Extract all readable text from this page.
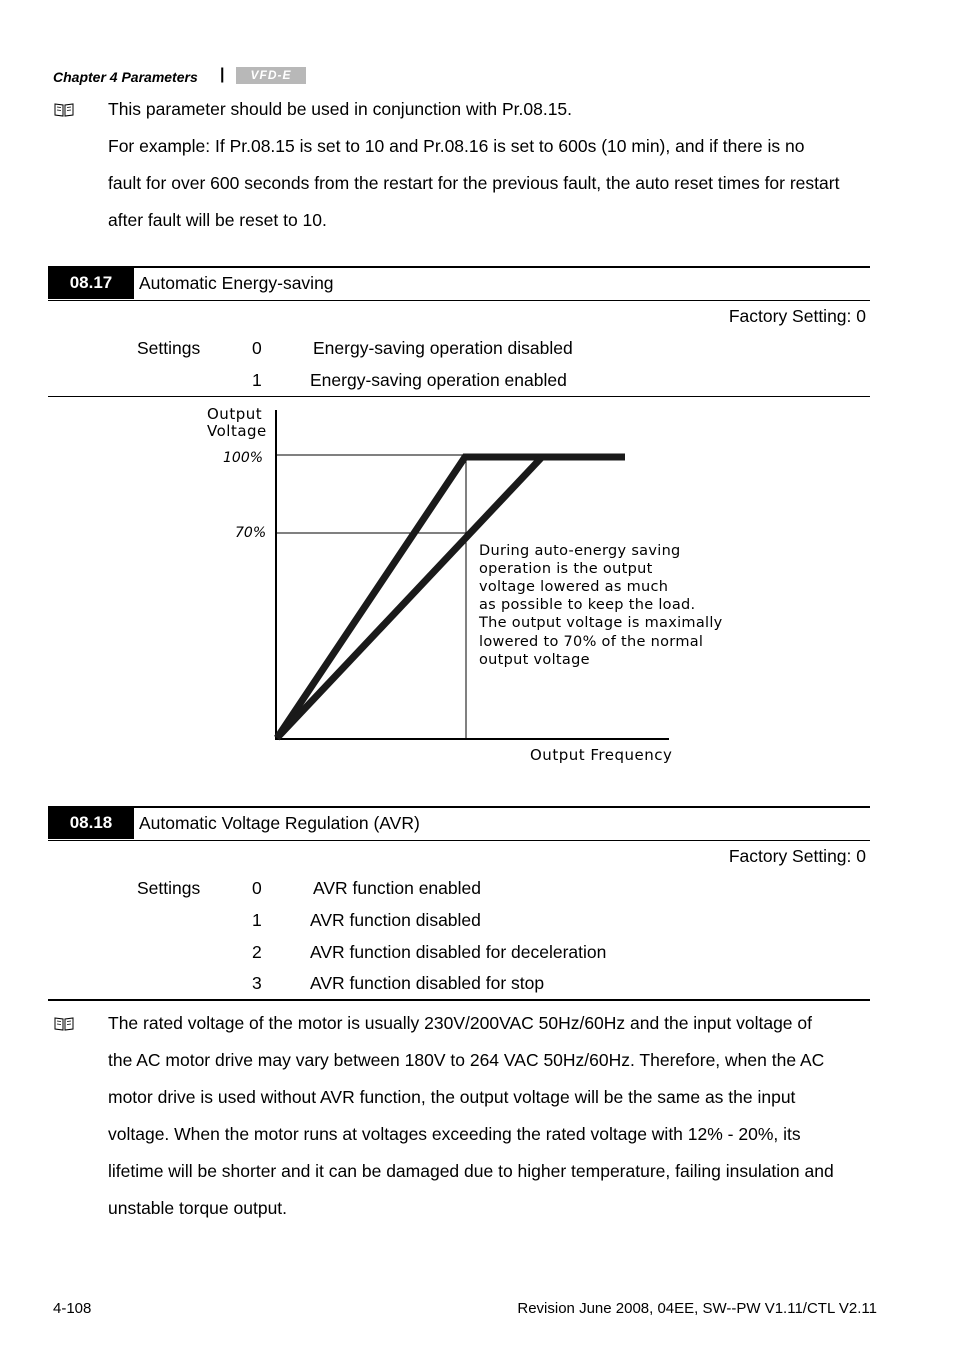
Chapter 4 Parameters |	VFD-E
This parameter should be used in conjunction with Pr.08.15.
For example: If Pr.08.15 is set to 10 and Pr.08.16 is set to 600s (10 min), and if there is no
fault for over 600 seconds from the restart for the previous fault, the auto reset times for restart
after fault will be reset to 10.
08.17	Automatic Energy-saving
Factory Setting: 0
Settings	0	Energy-saving operation disabled
1	Energy-saving operation enabled
Output
Voltage
100%
70%
During auto-energy saving
operation is the output
voltage lowered as much
as possible to keep the load.
The output voltage is maximally
lowered to 70% of the normal
output voltage
Output Frequency
08.18	Automatic Voltage Regulation (AVR)
Factory Setting: 0
Settings	0	AVR function enabled
1	AVR function disabled
2	AVR function disabled for deceleration
3	AVR function disabled for stop
The rated voltage of the motor is usually 230V/200VAC 50Hz/60Hz and the input voltage of
the AC motor drive may vary between 180V to 264 VAC 50Hz/60Hz. Therefore, when the AC
motor drive is used without AVR function, the output voltage will be the same as the input
voltage. When the motor runs at voltages exceeding the rated voltage with 12% - 20%, its
lifetime will be shorter and it can be damaged due to higher temperature, failing insulation and
unstable torque output.
4-108	Revision June 2008, 04EE, SW--PW V1.11/CTL V2.11
